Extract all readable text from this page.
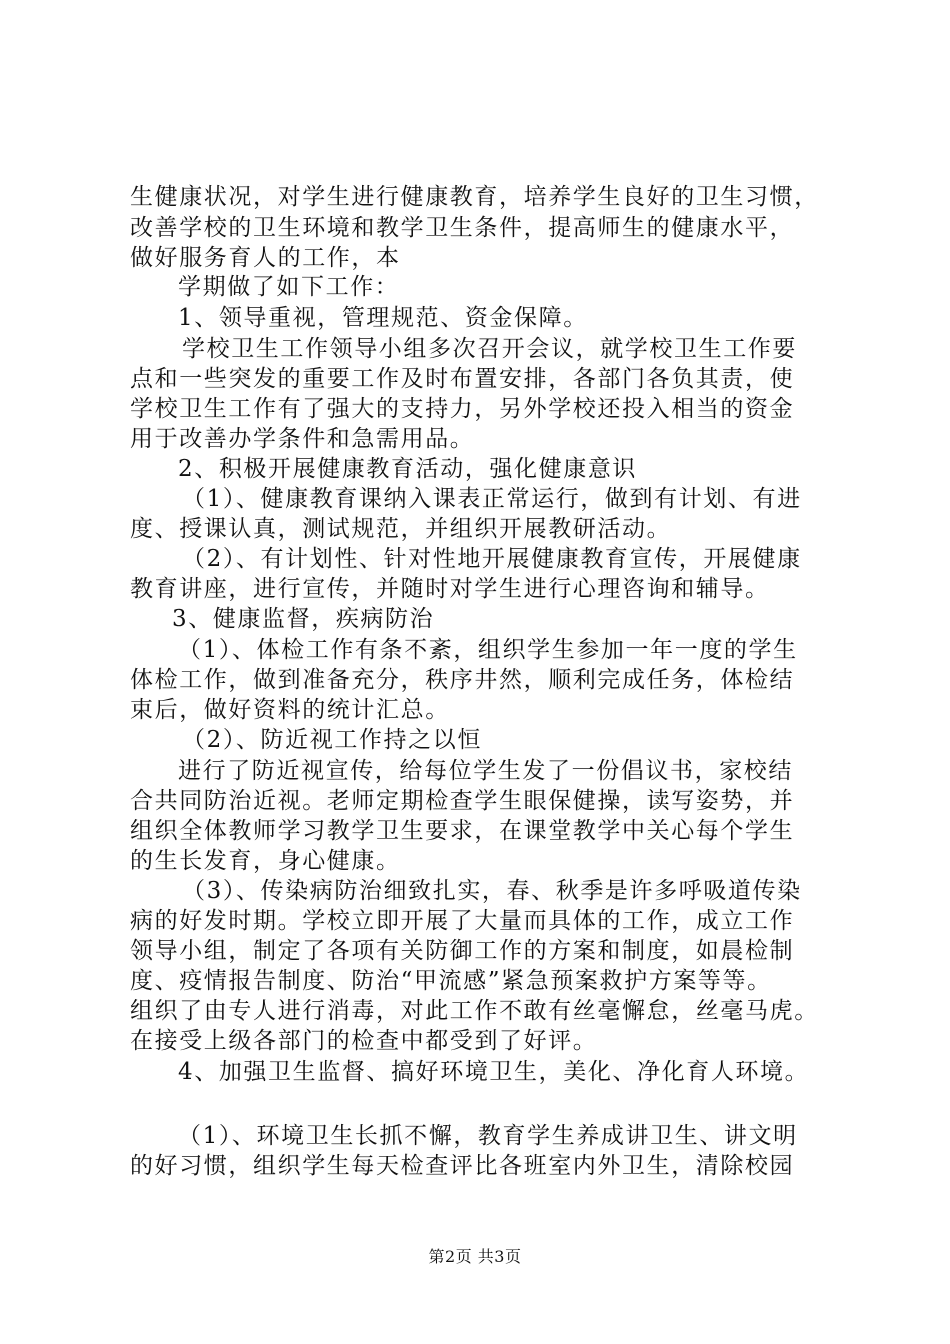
生健康状况，对学生进行健康教育，培养学生良好的卫生习惯，
改善学校的卫生环境和教学卫生条件，提高师生的健康水平，
做好服务育人的工作，本
学期做了如下工作：
1、领导重视，管理规范、资金保障。
学校卫生工作领导小组多次召开会议，就学校卫生工作要
点和一些突发的重要工作及时布置安排，各部门各负其责，使
学校卫生工作有了强大的支持力，另外学校还投入相当的资金
用于改善办学条件和急需用品。
2、积极开展健康教育活动，强化健康意识
（1）、健康教育课纳入课表正常运行，做到有计划、有进
度、授课认真，测试规范，并组织开展教研活动。
（2）、有计划性、针对性地开展健康教育宣传，开展健康
教育讲座，进行宣传，并随时对学生进行心理咨询和辅导。
3、健康监督，疾病防治
（1）、体检工作有条不紊，组织学生参加一年一度的学生
体检工作，做到准备充分，秩序井然，顺利完成任务，体检结
束后，做好资料的统计汇总。
（2）、防近视工作持之以恒
进行了防近视宣传，给每位学生发了一份倡议书，家校结
合共同防治近视。老师定期检查学生眼保健操，读写姿势，并
组织全体教师学习教学卫生要求，在课堂教学中关心每个学生
的生长发育，身心健康。
（3）、传染病防治细致扎实，春、秋季是许多呼吸道传染
病的好发时期。学校立即开展了大量而具体的工作，成立工作
领导小组，制定了各项有关防御工作的方案和制度，如晨检制
度、疫情报告制度、防治“甲流感”紧急预案救护方案等等。
组织了由专人进行消毒，对此工作不敢有丝毫懈怠，丝毫马虎。
在接受上级各部门的检查中都受到了好评。
4、加强卫生监督、搞好环境卫生，美化、净化育人环境。
（1）、环境卫生长抓不懈，教育学生养成讲卫生、讲文明
的好习惯，组织学生每天检查评比各班室内外卫生，清除校园
第2页 共3页
